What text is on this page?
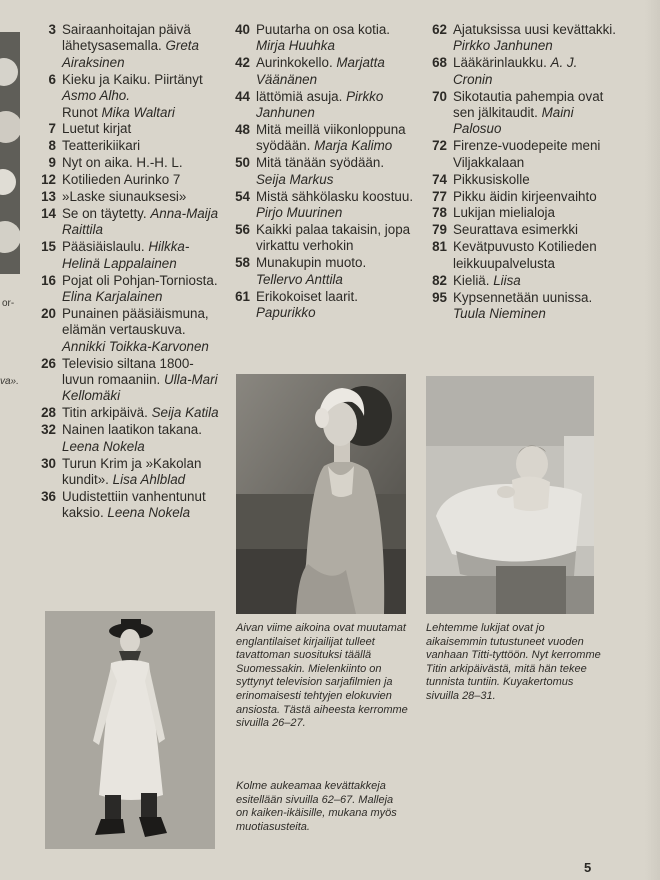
or-
va».
3 Sairaanhoitajan päivä lähetysasemalla. Greta Airaksinen
6 Kieku ja Kaiku. Piirtänyt Asmo Alho.
Runot Mika Waltari
7 Luetut kirjat
8 Teatterikiikari
9 Nyt on aika. H.-H. L.
12 Kotilieden Aurinko 7
13 »Laske siunauksesi»
14 Se on täytetty. Anna-Maija Raittila
15 Pääsiäislaulu. Hilkka-Helinä Lappalainen
16 Pojat oli Pohjan-Torniosta. Elina Karjalainen
20 Punainen pääsiäismuna, elämän vertauskuva. Annikki Toikka-Karvonen
26 Televisio siltana 1800-luvun romaaniin. Ulla-Mari Kellomäki
28 Titin arkipäivä. Seija Katila
32 Nainen laatikon takana. Leena Nokela
30 Turun Krim ja »Kakolan kundit». Lisa Ahlblad
36 Uudistettiin vanhentunut kaksio. Leena Nokela
40 Puutarha on osa kotia. Mirja Huuhka
42 Aurinkokello. Marjatta Väänänen
44 lättömiä asuja. Pirkko Janhunen
48 Mitä meillä viikonloppuna syödään. Marja Kalimo
50 Mitä tänään syödään. Seija Markus
54 Mistä sähkölasku koostuu. Pirjo Muurinen
56 Kaikki palaa takaisin, jopa virkattu verhokin
58 Munakupin muoto. Tellervo Anttila
61 Erikokoiset laarit. Papurikko
62 Ajatuksissa uusi kevättakki. Pirkko Janhunen
68 Lääkärinlaukku. A. J. Cronin
70 Sikotautia pahempia ovat sen jälkitaudit. Maini Palosuo
72 Firenze-vuodepeite meni Viljakkalaan
74 Pikkusiskolle
77 Pikku äidin kirjeenvaihto
78 Lukijan mielialoja
79 Seurattava esimerkki
81 Kevätpuvusto Kotilieden leikkuupalvelusta
82 Kieliä. Liisa
95 Kypsennetään uunissa. Tuula Nieminen
Aivan viime aikoina ovat muutamat englantilaiset kirjailijat tulleet tavattoman suosituksi täällä Suomessakin. Mielenkiinto on syttynyt television sarjafilmien ja erinomaisesti tehtyjen elokuvien ansiosta. Tästä aiheesta kerromme sivuilla 26–27.
Kolme aukeamaa kevättakkeja esitellään sivuilla 62–67. Malleja on kaiken-ikäisille, mukana myös muotiasusteita.
Lehtemme lukijat ovat jo aikaisemmin tutustuneet vuoden vanhaan Titti-tyttöön. Nyt kerromme Titin arkipäivästä, mitä hän tekee tunnista tuntiin. Kuyakertomus sivuilla 28–31.
5
